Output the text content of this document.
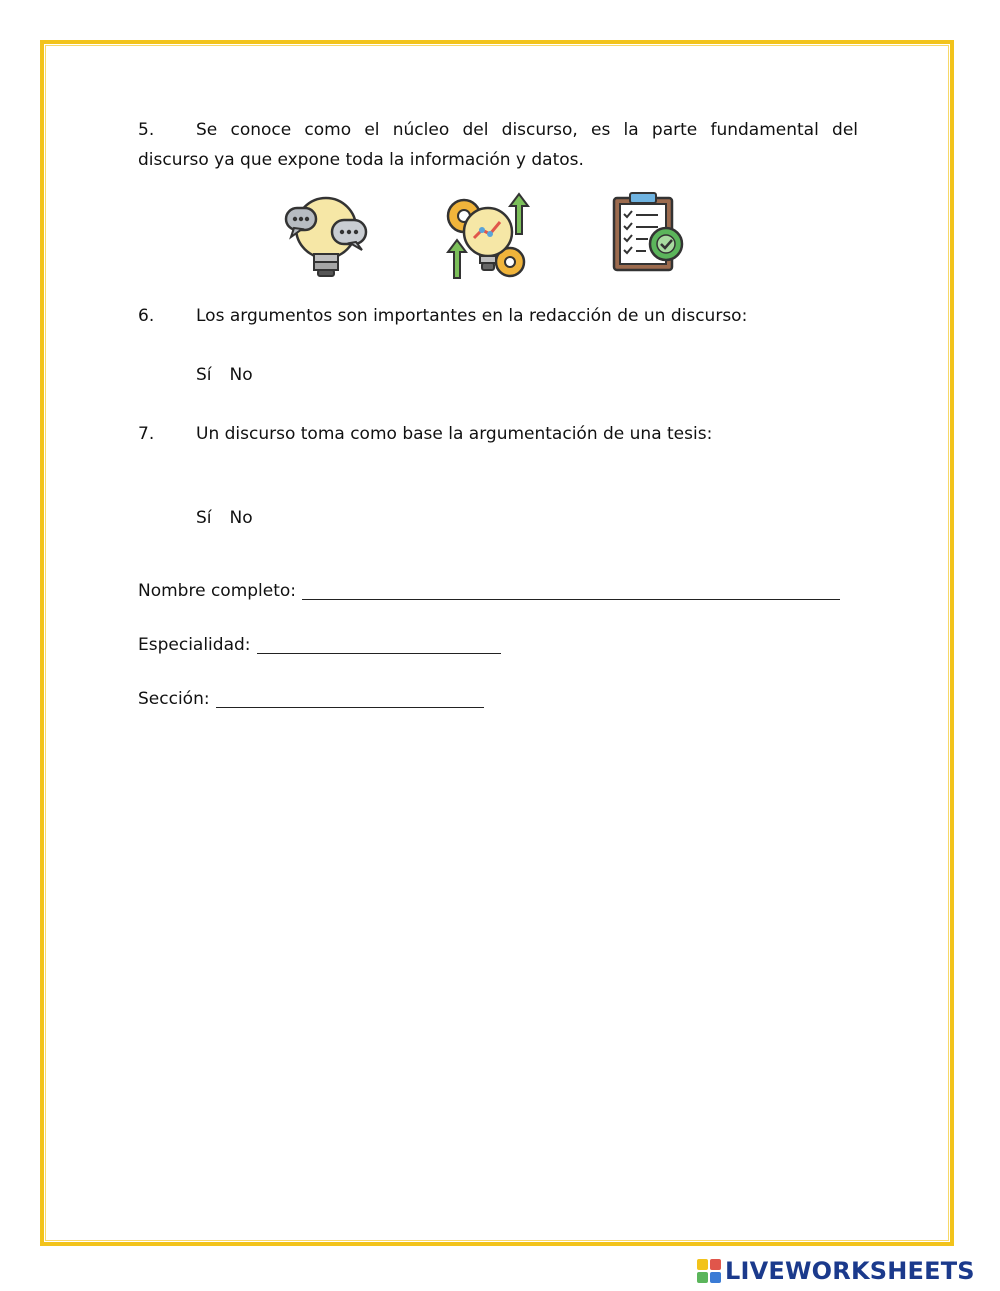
5. Se conoce como el núcleo del discurso, es la parte fundamental del
discurso ya que expone toda la información y datos.
6. Los argumentos son importantes en la redacción de un discurso:
Sí No
7. Un discurso toma como base la argumentación de una tesis:
Sí No
Nombre completo:
Especialidad:
Sección:
LIVEWORKSHEETS
